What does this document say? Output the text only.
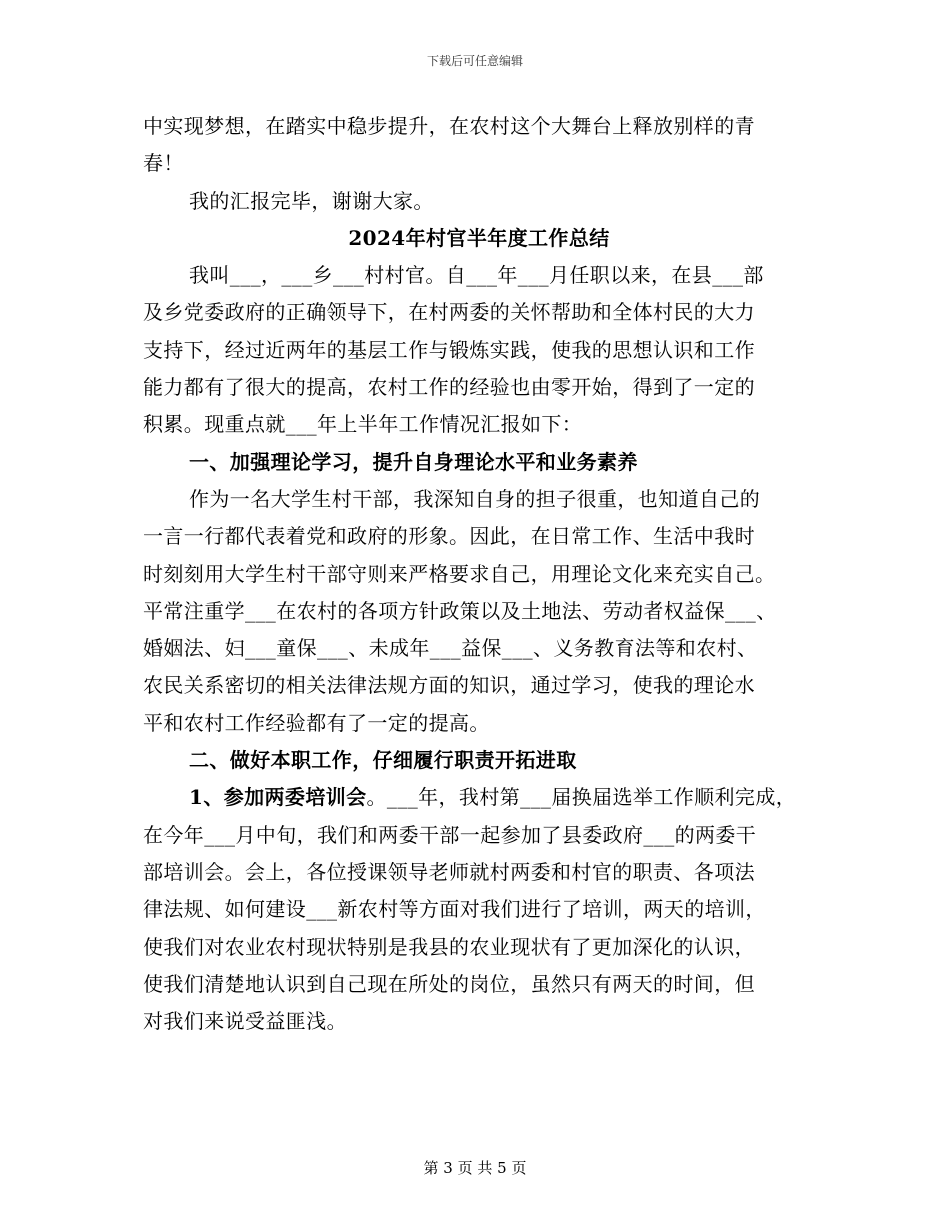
下载后可任意编辑
中实现梦想，在踏实中稳步提升，在农村这个大舞台上释放别样的青
春！
我的汇报完毕，谢谢大家。
2024年村官半年度工作总结
我叫___，___乡___村村官。自___年___月任职以来，在县___部
及乡党委政府的正确领导下，在村两委的关怀帮助和全体村民的大力
支持下，经过近两年的基层工作与锻炼实践，使我的思想认识和工作
能力都有了很大的提高，农村工作的经验也由零开始，得到了一定的
积累。现重点就___年上半年工作情况汇报如下：
一、加强理论学习，提升自身理论水平和业务素养
作为一名大学生村干部，我深知自身的担子很重，也知道自己的
一言一行都代表着党和政府的形象。因此，在日常工作、生活中我时
时刻刻用大学生村干部守则来严格要求自己，用理论文化来充实自己。
平常注重学___在农村的各项方针政策以及土地法、劳动者权益保___、
婚姻法、妇___童保___、未成年___益保___、义务教育法等和农村、
农民关系密切的相关法律法规方面的知识，通过学习，使我的理论水
平和农村工作经验都有了一定的提高。
二、做好本职工作，仔细履行职责开拓进取
1、参加两委培训会。___年，我村第___届换届选举工作顺利完成，
在今年___月中旬，我们和两委干部一起参加了县委政府___的两委干
部培训会。会上，各位授课领导老师就村两委和村官的职责、各项法
律法规、如何建设___新农村等方面对我们进行了培训，两天的培训，
使我们对农业农村现状特别是我县的农业现状有了更加深化的认识，
使我们清楚地认识到自己现在所处的岗位，虽然只有两天的时间，但
对我们来说受益匪浅。
第 3 页 共 5 页
